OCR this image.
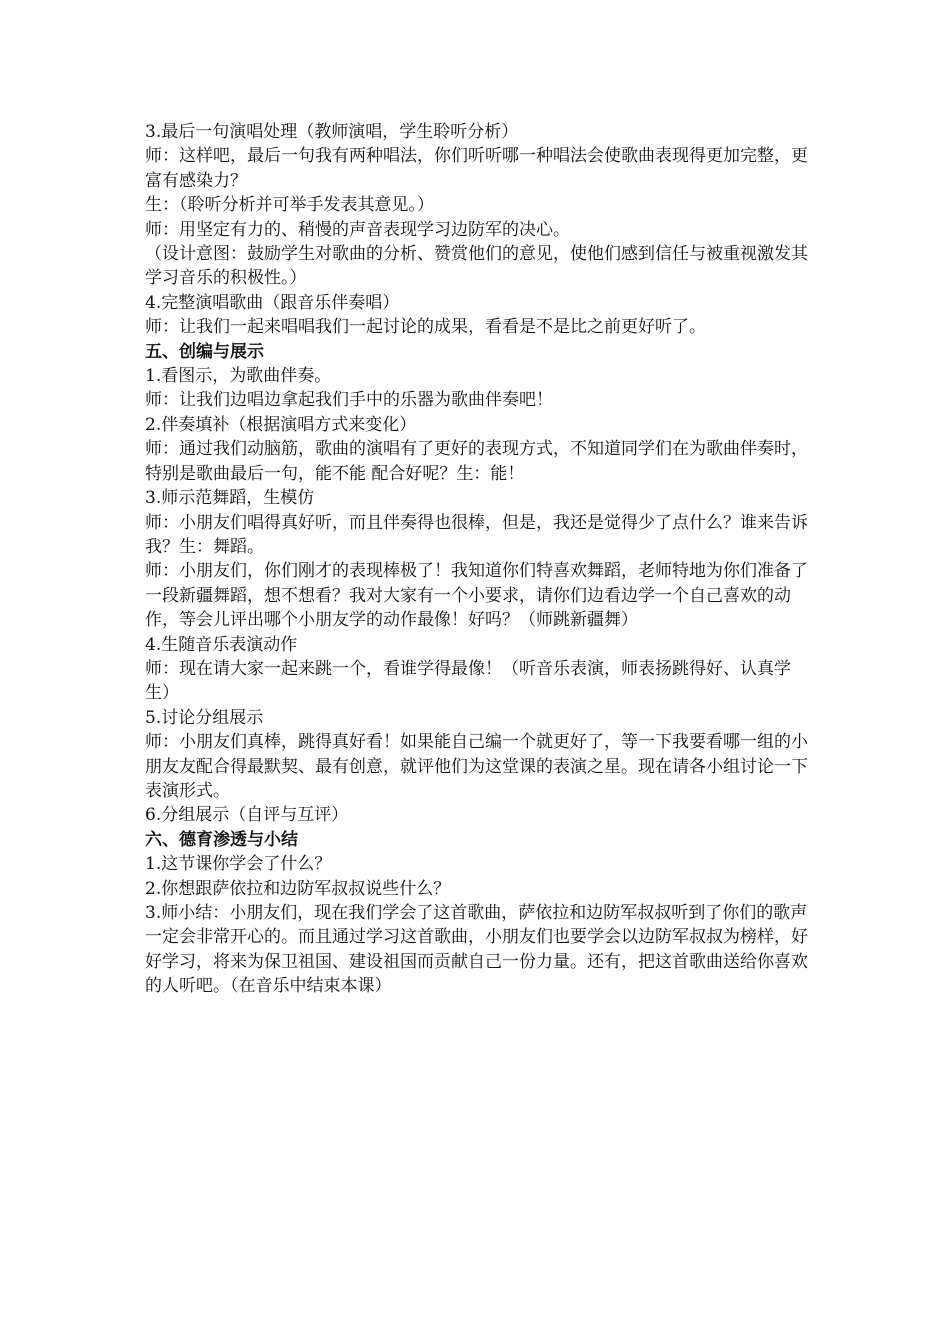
3.最后一句演唱处理（教师演唱，学生聆听分析）
师：这样吧，最后一句我有两种唱法，你们听听哪一种唱法会使歌曲表现得更加完整，更富有感染力？
生：（聆听分析并可举手发表其意见。）
师：用坚定有力的、稍慢的声音表现学习边防军的决心。
（设计意图：鼓励学生对歌曲的分析、赞赏他们的意见，使他们感到信任与被重视激发其学习音乐的积极性。）
4.完整演唱歌曲（跟音乐伴奏唱）
师：让我们一起来唱唱我们一起讨论的成果，看看是不是比之前更好听了。
五、创编与展示
1.看图示，为歌曲伴奏。
师：让我们边唱边拿起我们手中的乐器为歌曲伴奏吧！
2.伴奏填补（根据演唱方式来变化）
师：通过我们动脑筋，歌曲的演唱有了更好的表现方式，不知道同学们在为歌曲伴奏时，特别是歌曲最后一句，能不能 配合好呢？生：能！
3.师示范舞蹈，生模仿
师：小朋友们唱得真好听，而且伴奏得也很棒，但是，我还是觉得少了点什么？谁来告诉我？生：舞蹈。
师：小朋友们，你们刚才的表现棒极了！我知道你们特喜欢舞蹈，老师特地为你们准备了一段新疆舞蹈，想不想看？我对大家有一个小要求，请你们边看边学一个自己喜欢的动作，等会儿评出哪个小朋友学的动作最像！好吗？（师跳新疆舞）
4.生随音乐表演动作
师：现在请大家一起来跳一个，看谁学得最像！（听音乐表演，师表扬跳得好、认真学生）
5.讨论分组展示
师：小朋友们真棒，跳得真好看！如果能自己编一个就更好了，等一下我要看哪一组的小朋友友配合得最默契、最有创意，就评他们为这堂课的表演之星。现在请各小组讨论一下表演形式。
6.分组展示（自评与互评）
六、德育渗透与小结
1.这节课你学会了什么？
2.你想跟萨依拉和边防军叔叔说些什么？
3.师小结：小朋友们，现在我们学会了这首歌曲，萨依拉和边防军叔叔听到了你们的歌声一定会非常开心的。而且通过学习这首歌曲，小朋友们也要学会以边防军叔叔为榜样，好好学习，将来为保卫祖国、建设祖国而贡献自己一份力量。还有，把这首歌曲送给你喜欢的人听吧。（在音乐中结束本课）
